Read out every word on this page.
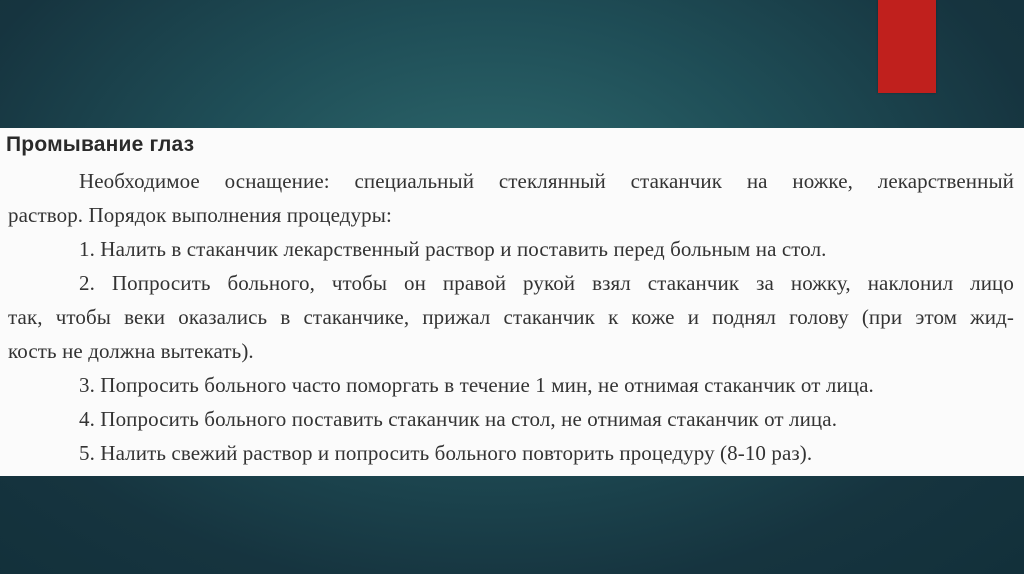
Промывание глаз
Необходимое оснащение: специальный стеклянный стаканчик на ножке, лекарственный
раствор. Порядок выполнения процедуры:
1. Налить в стаканчик лекарственный раствор и поставить перед больным на стол.
2. Попросить больного, чтобы он правой рукой взял стаканчик за ножку, наклонил лицо
так, чтобы веки оказались в стаканчике, прижал стаканчик к коже и поднял голову (при этом жид-
кость не должна вытекать).
3. Попросить больного часто поморгать в течение 1 мин, не отнимая стаканчик от лица.
4. Попросить больного поставить стаканчик на стол, не отнимая стаканчик от лица.
5. Налить свежий раствор и попросить больного повторить процедуру (8-10 раз).
